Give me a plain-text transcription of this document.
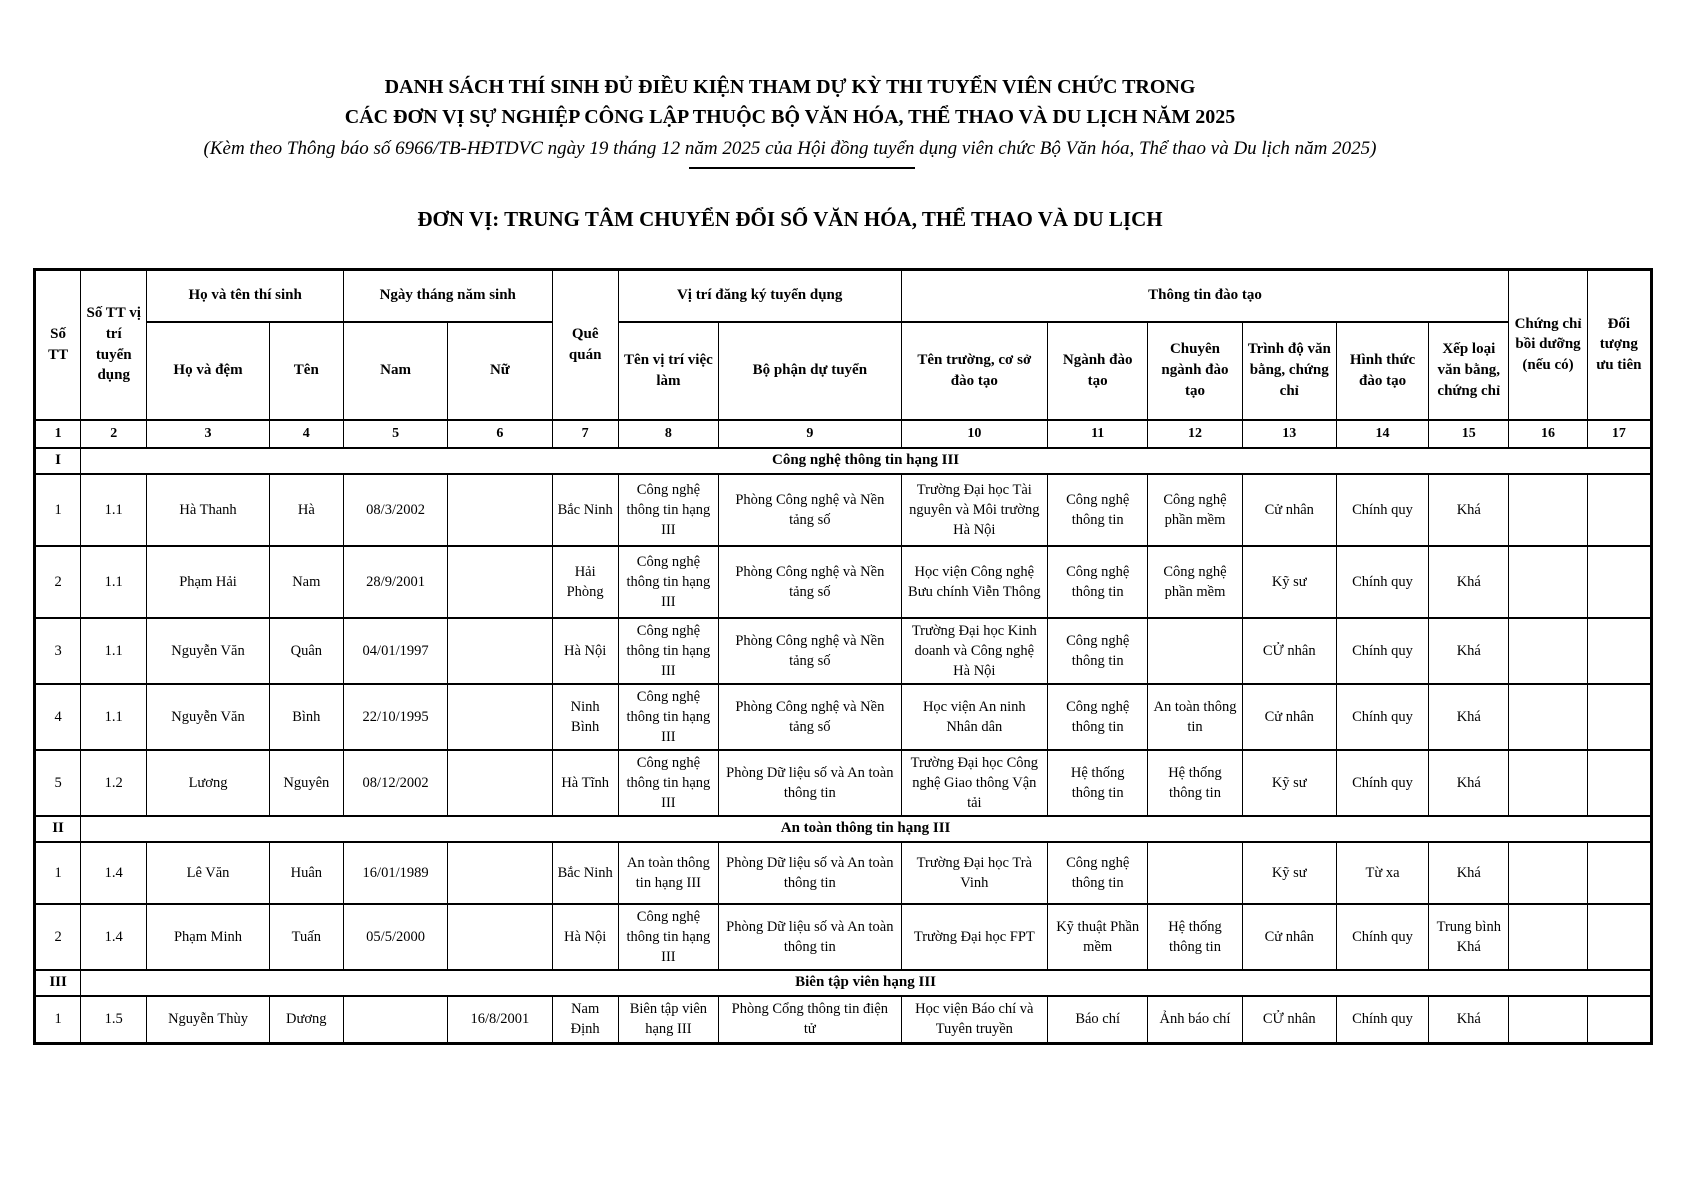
DANH SÁCH THÍ SINH ĐỦ ĐIỀU KIỆN THAM DỰ KỲ THI TUYỂN VIÊN CHỨC TRONG
CÁC ĐƠN VỊ SỰ NGHIỆP CÔNG LẬP THUỘC BỘ VĂN HÓA, THỂ THAO VÀ DU LỊCH NĂM 2025
(Kèm theo Thông báo số 6966/TB-HĐTDVC ngày 19 tháng 12 năm 2025 của Hội đồng tuyển dụng viên chức Bộ Văn hóa, Thể thao và Du lịch năm 2025)
ĐƠN VỊ: TRUNG TÂM CHUYỂN ĐỔI SỐ VĂN HÓA, THỂ THAO VÀ DU LỊCH
Số TT	Số TT vị trí tuyển dụng	Họ và tên thí sinh		Ngày tháng năm sinh		Quê quán	Vị trí đăng ký tuyển dụng		Thông tin đào tạo						Chứng chỉ bồi dưỡng (nếu có)	Đối tượng ưu tiên
		Họ và đệm	Tên	Nam	Nữ		Tên vị trí việc làm	Bộ phận dự tuyển	Tên trường, cơ sở đào tạo	Ngành đào tạo	Chuyên ngành đào tạo	Trình độ văn bằng, chứng chỉ	Hình thức đào tạo	Xếp loại văn bằng, chứng chỉ		
1	2	3	4	5	6	7	8	9	10	11	12	13	14	15	16	17
I	Công nghệ thông tin hạng III															
1	1.1	Hà Thanh	Hà	08/3/2002		Bắc Ninh	Công nghệ thông tin hạng III	Phòng Công nghệ và Nền tảng số	Trường Đại học Tài nguyên và Môi trường Hà Nội	Công nghệ thông tin	Công nghệ phần mềm	Cử nhân	Chính quy	Khá		
2	1.1	Phạm Hải	Nam	28/9/2001		Hải Phòng	Công nghệ thông tin hạng III	Phòng Công nghệ và Nền tảng số	Học viện Công nghệ Bưu chính Viễn Thông	Công nghệ thông tin	Công nghệ phần mềm	Kỹ sư	Chính quy	Khá		
3	1.1	Nguyễn Văn	Quân	04/01/1997		Hà Nội	Công nghệ thông tin hạng III	Phòng Công nghệ và Nền tảng số	Trường Đại học Kinh doanh và Công nghệ Hà Nội	Công nghệ thông tin		CỬ nhân	Chính quy	Khá		
4	1.1	Nguyễn Văn	Bình	22/10/1995		Ninh Bình	Công nghệ thông tin hạng III	Phòng Công nghệ và Nền tảng số	Học viện An ninh Nhân dân	Công nghệ thông tin	An toàn thông tin	Cử nhân	Chính quy	Khá		
5	1.2	Lương	Nguyên	08/12/2002		Hà Tĩnh	Công nghệ thông tin hạng III	Phòng Dữ liệu số và An toàn thông tin	Trường Đại học Công nghệ Giao thông Vận tải	Hệ thống thông tin	Hệ thống thông tin	Kỹ sư	Chính quy	Khá		
II	An toàn thông tin hạng III															
1	1.4	Lê Văn	Huân	16/01/1989		Bắc Ninh	An toàn thông tin hạng III	Phòng Dữ liệu số và An toàn thông tin	Trường Đại học Trà Vinh	Công nghệ thông tin		Kỹ sư	Từ xa	Khá		
2	1.4	Phạm Minh	Tuấn	05/5/2000		Hà Nội	Công nghệ thông tin hạng III	Phòng Dữ liệu số và An toàn thông tin	Trường Đại học FPT	Kỹ thuật Phần mềm	Hệ thống thông tin	Cử nhân	Chính quy	Trung bình Khá		
III	Biên tập viên hạng III															
1	1.5	Nguyễn Thùy	Dương		16/8/2001	Nam Định	Biên tập viên hạng III	Phòng Cổng thông tin điện tử	Học viện Báo chí và Tuyên truyền	Báo chí	Ảnh báo chí	CỬ nhân	Chính quy	Khá		
